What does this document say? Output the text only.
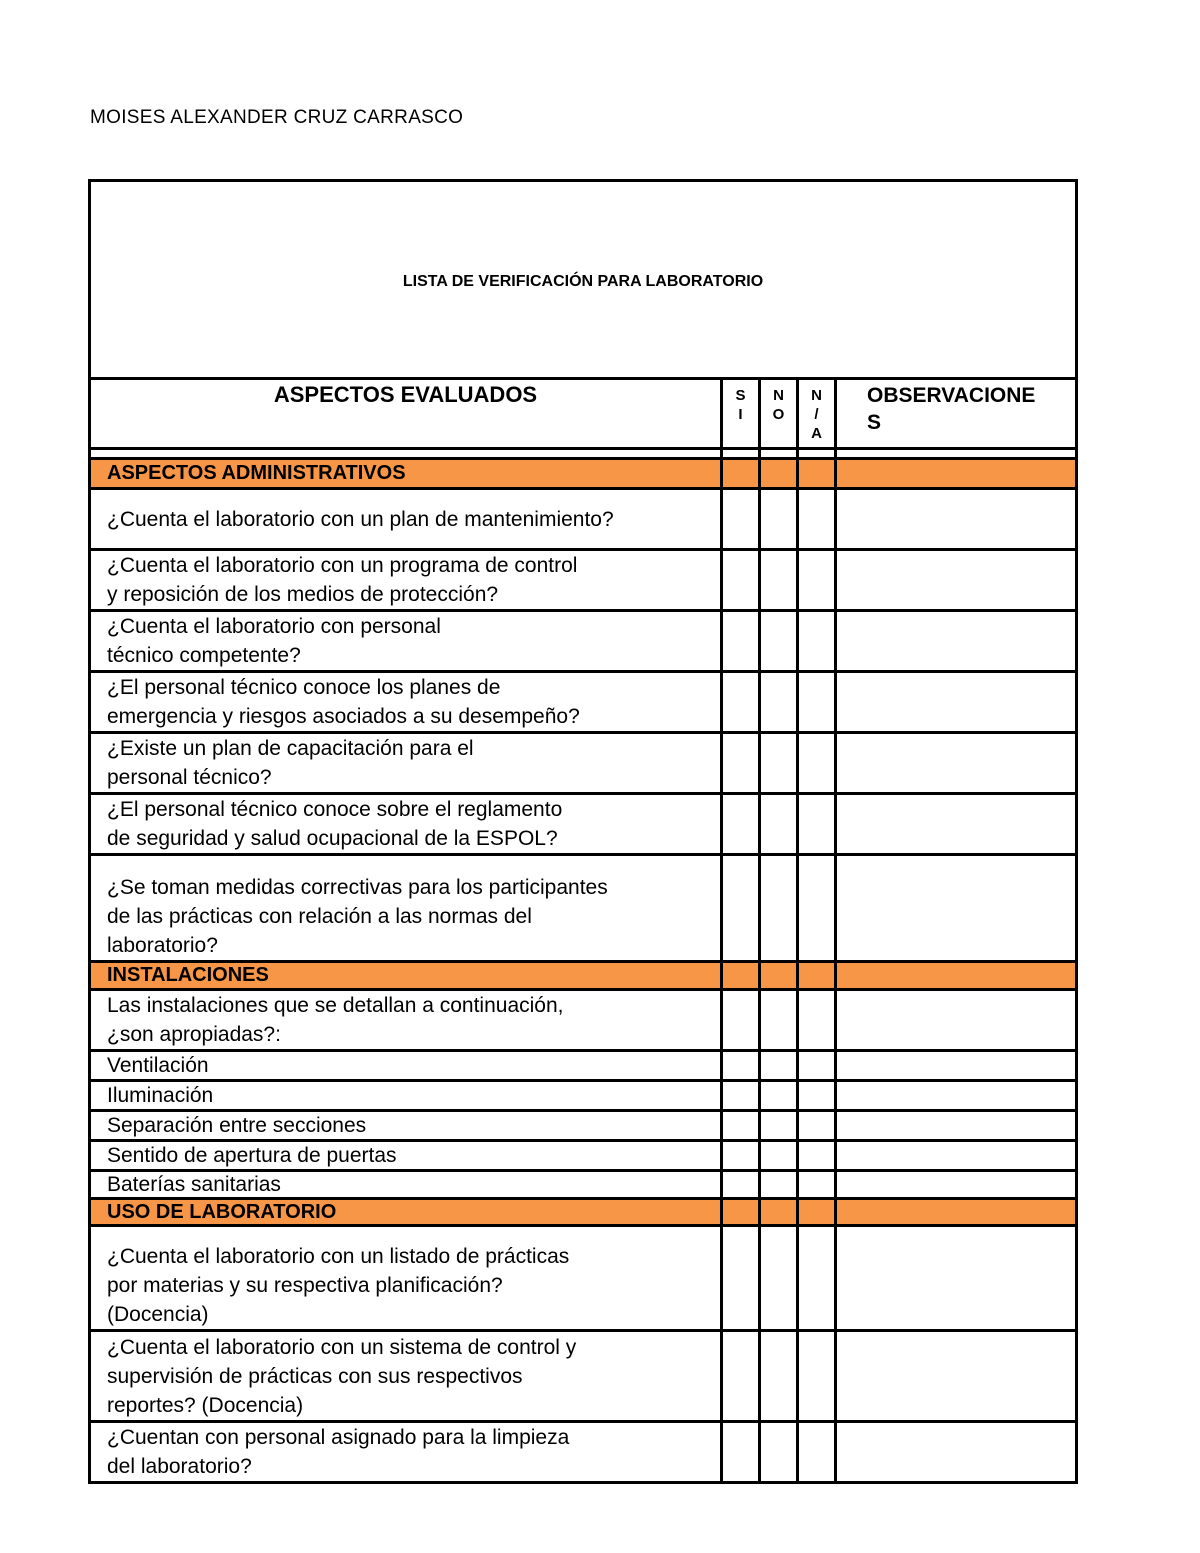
MOISES ALEXANDER CRUZ CARRASCO
LISTA DE VERIFICACIÓN PARA LABORATORIO
ASPECTOS EVALUADOS	S
I
N
O
N
/
A
OBSERVACIONE
S
ASPECTOS ADMINISTRATIVOS
¿Cuenta el laboratorio con un plan de mantenimiento?
¿Cuenta el laboratorio con un programa de control
y reposición de los medios de protección?
¿Cuenta el laboratorio con personal
técnico competente?
¿El personal técnico conoce los planes de
emergencia y riesgos asociados a su desempeño?
¿Existe un plan de capacitación para el
personal técnico?
¿El personal técnico conoce sobre el reglamento
de seguridad y salud ocupacional de la ESPOL?
¿Se toman medidas correctivas para los participantes
de las prácticas con relación a las normas del
laboratorio?
INSTALACIONES
Las instalaciones que se detallan a continuación,
¿son apropiadas?:
Ventilación
Iluminación
Separación entre secciones
Sentido de apertura de puertas
Baterías sanitarias
USO DE LABORATORIO
¿Cuenta el laboratorio con un listado de prácticas
por materias y su respectiva planificación?
(Docencia)
¿Cuenta el laboratorio con un sistema de control y
supervisión de prácticas con sus respectivos
reportes? (Docencia)
¿Cuentan con personal asignado para la limpieza
del laboratorio?
